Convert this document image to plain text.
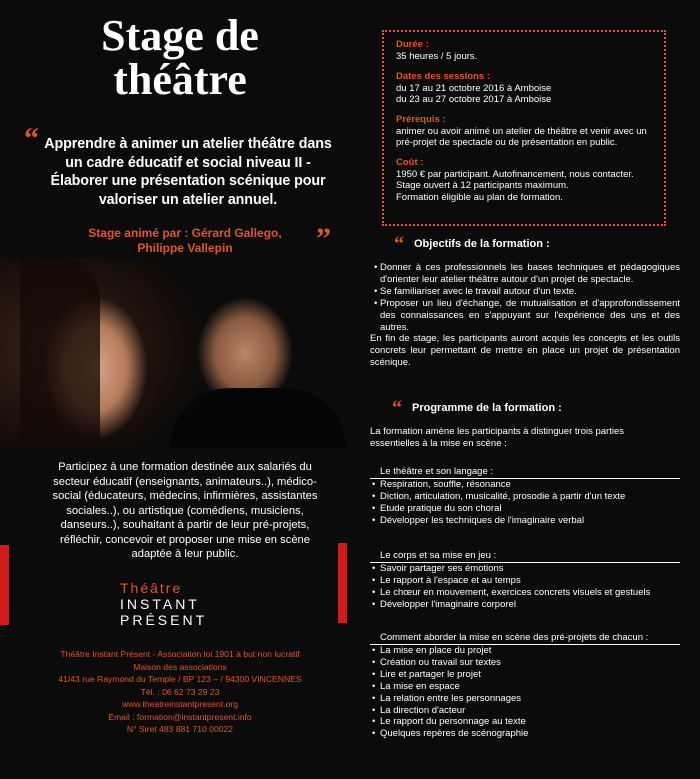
Stage de
théâtre
“ Apprendre à animer un atelier théâtre dans un cadre éducatif et social niveau II - Élaborer une présentation scénique pour valoriser un atelier annuel.
Stage animé par : Gérard Gallego,
Philippe Vallepin	”
Participez à une formation destinée aux salariés du secteur éducatif (enseignants, animateurs..), médico-social (éducateurs, médecins, infirmières, assistantes sociales..), ou artistique (comédiens, musiciens, danseurs..), souhaitant à partir de leur pré-projets, réfléchir, concevoir et proposer une mise en scène adaptée à leur public.
Théâtre
INSTANT
PRÉSENT
Théâtre Instant Présent - Association loi 1901 à but non lucratif
Maison des associations
41/43 rue Raymond du Temple / BP 123 – / 94300 VINCENNES
Tél. : 06 62 73 29 23
www.theatreinstantpresent.org
Email : formation@instantpresent.info
N° Siret 483 881 710 00022
Durée :
35 heures / 5 jours.
Dates des sessions :
du 17 au 21 octobre 2016 à Amboise
du 23 au 27 octobre 2017 à Amboise
Prérequis :
animer ou avoir animé un atelier de théâtre et venir avec un pré-projet de spectacle ou de présentation en public.
Coût :
1950 € par participant. Autofinancement, nous contacter.
Stage ouvert à 12 participants maximum.
Formation éligible au plan de formation.
“ Objectifs de la formation :
• Donner à ces professionnels les bases techniques et pédagogiques d'orienter leur atelier théâtre autour d'un projet de spectacle.
• Se familiariser avec le travail autour d'un texte.
• Proposer un lieu d'échange, de mutualisation et d'approfondissement des connaissances en s'appuyant sur l'expérience des uns et des autres.
En fin de stage, les participants auront acquis les concepts et les outils concrets leur permettant de mettre en place un projet de présentation scénique.
“ Programme de la formation :
La formation amène les participants à distinguer trois parties essentielles à la mise en scène :
Le théâtre et son langage :
• Respiration, souffle, résonance
• Diction, articulation, musicalité, prosodie à partir d'un texte
• Etude pratique du son choral
• Développer les techniques de l'imaginaire verbal
Le corps et sa mise en jeu :
• Savoir partager ses émotions
• Le rapport à l'espace et au temps
• Le chœur en mouvement, exercices concrets visuels et gestuels
• Développer l'imaginaire corporel
Comment aborder la mise en scène des pré-projets de chacun :
• La mise en place du projet
• Création ou travail sur textes
• Lire et partager le projet
• La mise en espace
• La relation entre les personnages
• La direction d'acteur
• Le rapport du personnage au texte
• Quelques repères de scénographie
